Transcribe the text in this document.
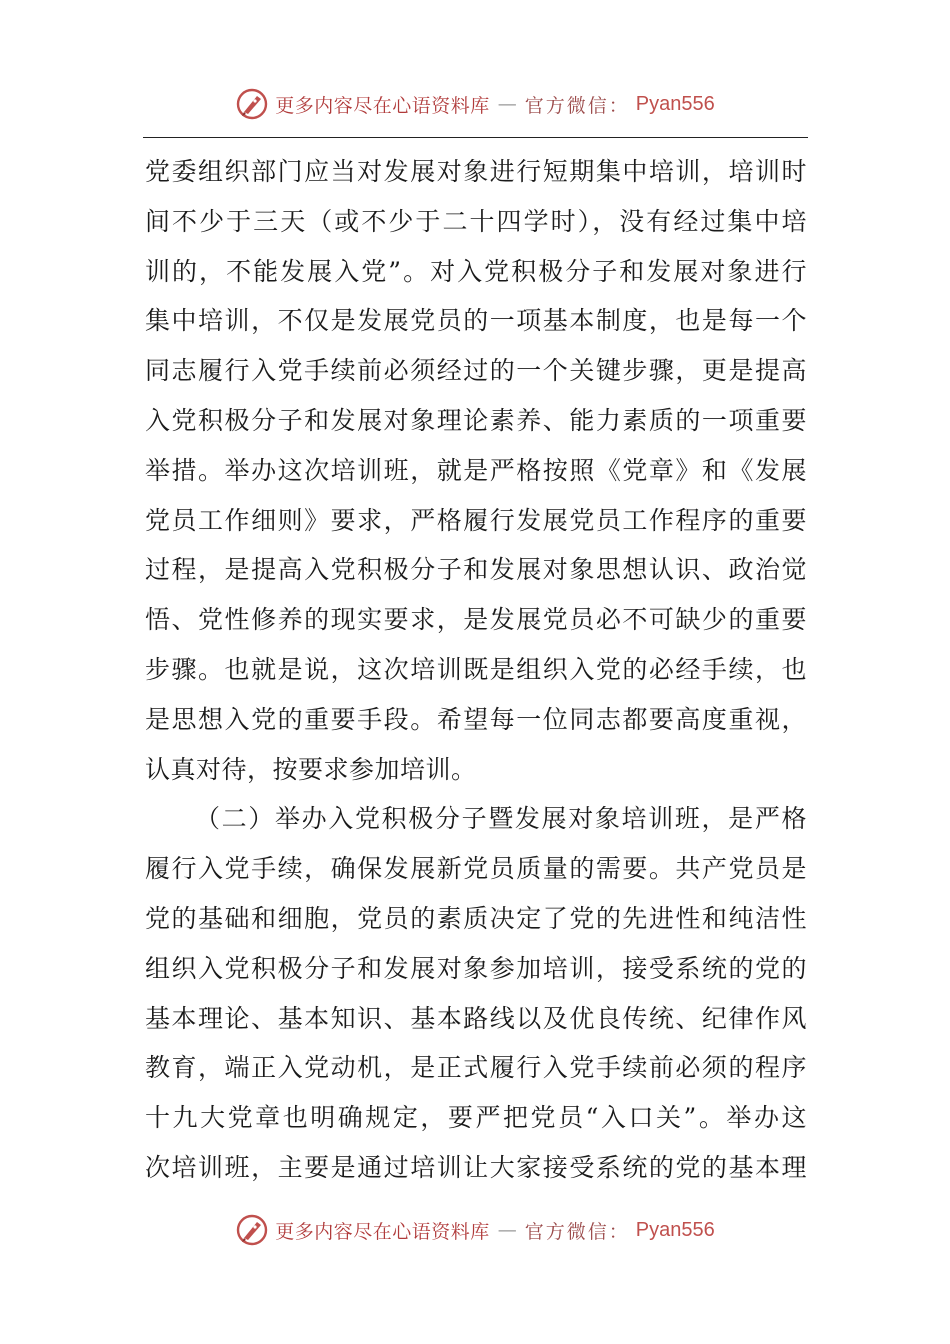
更多内容尽在心语资料库 — 官方微信： Pyan556
党委组织部门应当对发展对象进行短期集中培训，培训时
间不少于三天（或不少于二十四学时），没有经过集中培
训的，不能发展入党”。对入党积极分子和发展对象进行
集中培训，不仅是发展党员的一项基本制度，也是每一个
同志履行入党手续前必须经过的一个关键步骤，更是提高
入党积极分子和发展对象理论素养、能力素质的一项重要
举措。举办这次培训班，就是严格按照《党章》和《发展
党员工作细则》要求，严格履行发展党员工作程序的重要
过程，是提高入党积极分子和发展对象思想认识、政治觉
悟、党性修养的现实要求，是发展党员必不可缺少的重要
步骤。也就是说，这次培训既是组织入党的必经手续，也
是思想入党的重要手段。希望每一位同志都要高度重视，
认真对待，按要求参加培训。
（二）举办入党积极分子暨发展对象培训班，是严格
履行入党手续，确保发展新党员质量的需要。共产党员是
党的基础和细胞，党员的素质决定了党的先进性和纯洁性
组织入党积极分子和发展对象参加培训，接受系统的党的
基本理论、基本知识、基本路线以及优良传统、纪律作风
教育，端正入党动机，是正式履行入党手续前必须的程序
十九大党章也明确规定，要严把党员“入口关”。举办这
次培训班，主要是通过培训让大家接受系统的党的基本理
更多内容尽在心语资料库 — 官方微信： Pyan556
